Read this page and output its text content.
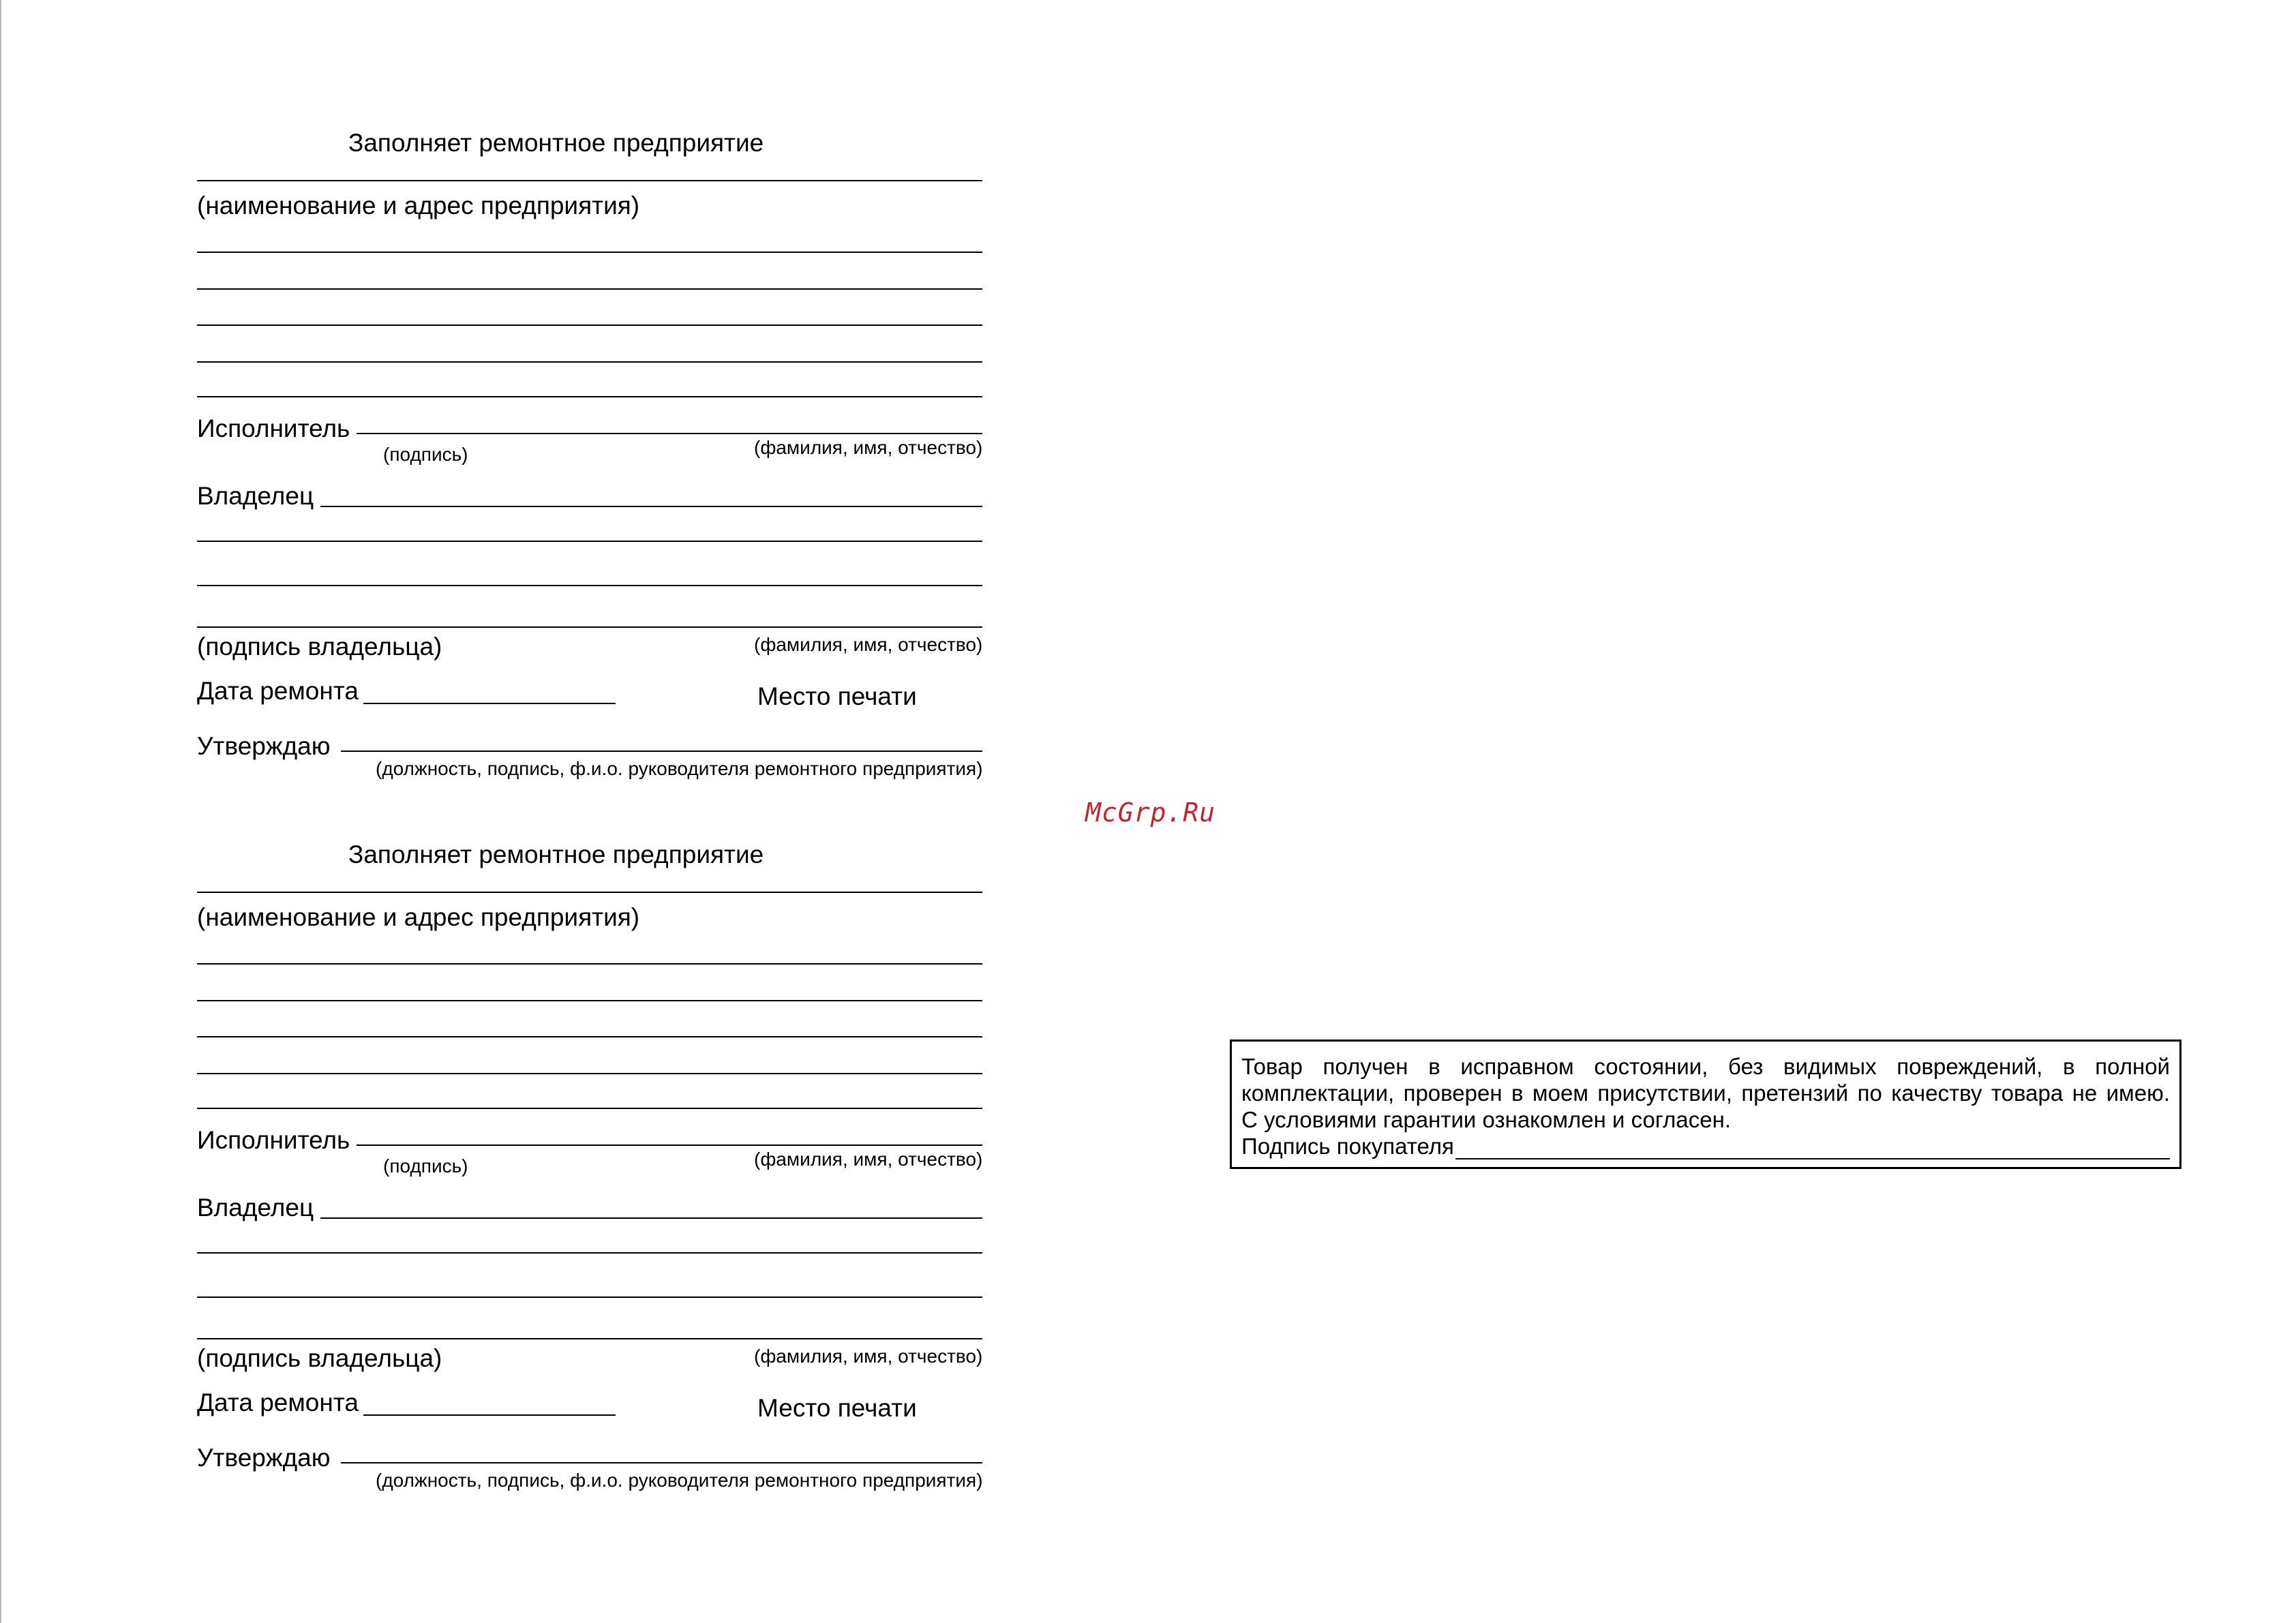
Заполняет ремонтное предприятие
(наименование и адрес предприятия)
Исполнитель
(подпись)	(фамилия, имя, отчество)
Владелец
(подпись владельца)	(фамилия, имя, отчество)
Дата ремонта	Место печати
Утверждаю
(должность, подпись, ф.и.о. руководителя ремонтного предприятия)
Заполняет ремонтное предприятие
(наименование и адрес предприятия)
Исполнитель
(подпись)	(фамилия, имя, отчество)
Владелец
(подпись владельца)	(фамилия, имя, отчество)
Дата ремонта	Место печати
Утверждаю
(должность, подпись, ф.и.о. руководителя ремонтного предприятия)
McGrp.Ru
Товар получен в исправном состоянии, без видимых повреждений, в полной
комплектации, проверен в моем присутствии, претензий по качеству товара не имею.
С условиями гарантии ознакомлен и согласен.
Подпись покупателя
